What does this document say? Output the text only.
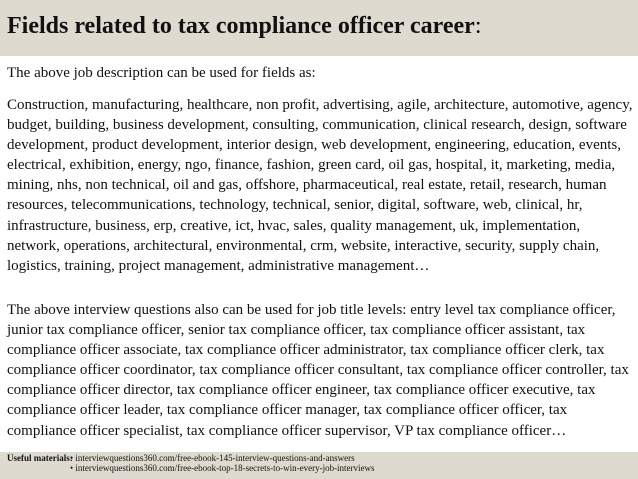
Fields related to tax compliance officer career:
The above job description can be used for fields as:
Construction, manufacturing, healthcare, non profit, advertising, agile, architecture, automotive, agency, budget, building, business development, consulting, communication, clinical research, design, software development, product development, interior design, web development, engineering, education, events, electrical, exhibition, energy, ngo, finance, fashion, green card, oil gas, hospital, it, marketing, media, mining, nhs, non technical, oil and gas, offshore, pharmaceutical, real estate, retail, research, human resources, telecommunications, technology, technical, senior, digital, software, web, clinical, hr, infrastructure, business, erp, creative, ict, hvac, sales, quality management, uk, implementation, network, operations, architectural, environmental, crm, website, interactive, security, supply chain, logistics, training, project management, administrative management…
The above interview questions also can be used for job title levels: entry level tax compliance officer, junior tax compliance officer, senior tax compliance officer, tax compliance officer assistant, tax compliance officer associate, tax compliance officer administrator, tax compliance officer clerk, tax compliance officer coordinator, tax compliance officer consultant, tax compliance officer controller, tax compliance officer director, tax compliance officer engineer, tax compliance officer executive, tax compliance officer leader, tax compliance officer manager, tax compliance officer officer, tax compliance officer specialist, tax compliance officer supervisor, VP tax compliance officer…
Useful materials:
• interviewquestions360.com/free-ebook-145-interview-questions-and-answers
• interviewquestions360.com/free-ebook-top-18-secrets-to-win-every-job-interviews
